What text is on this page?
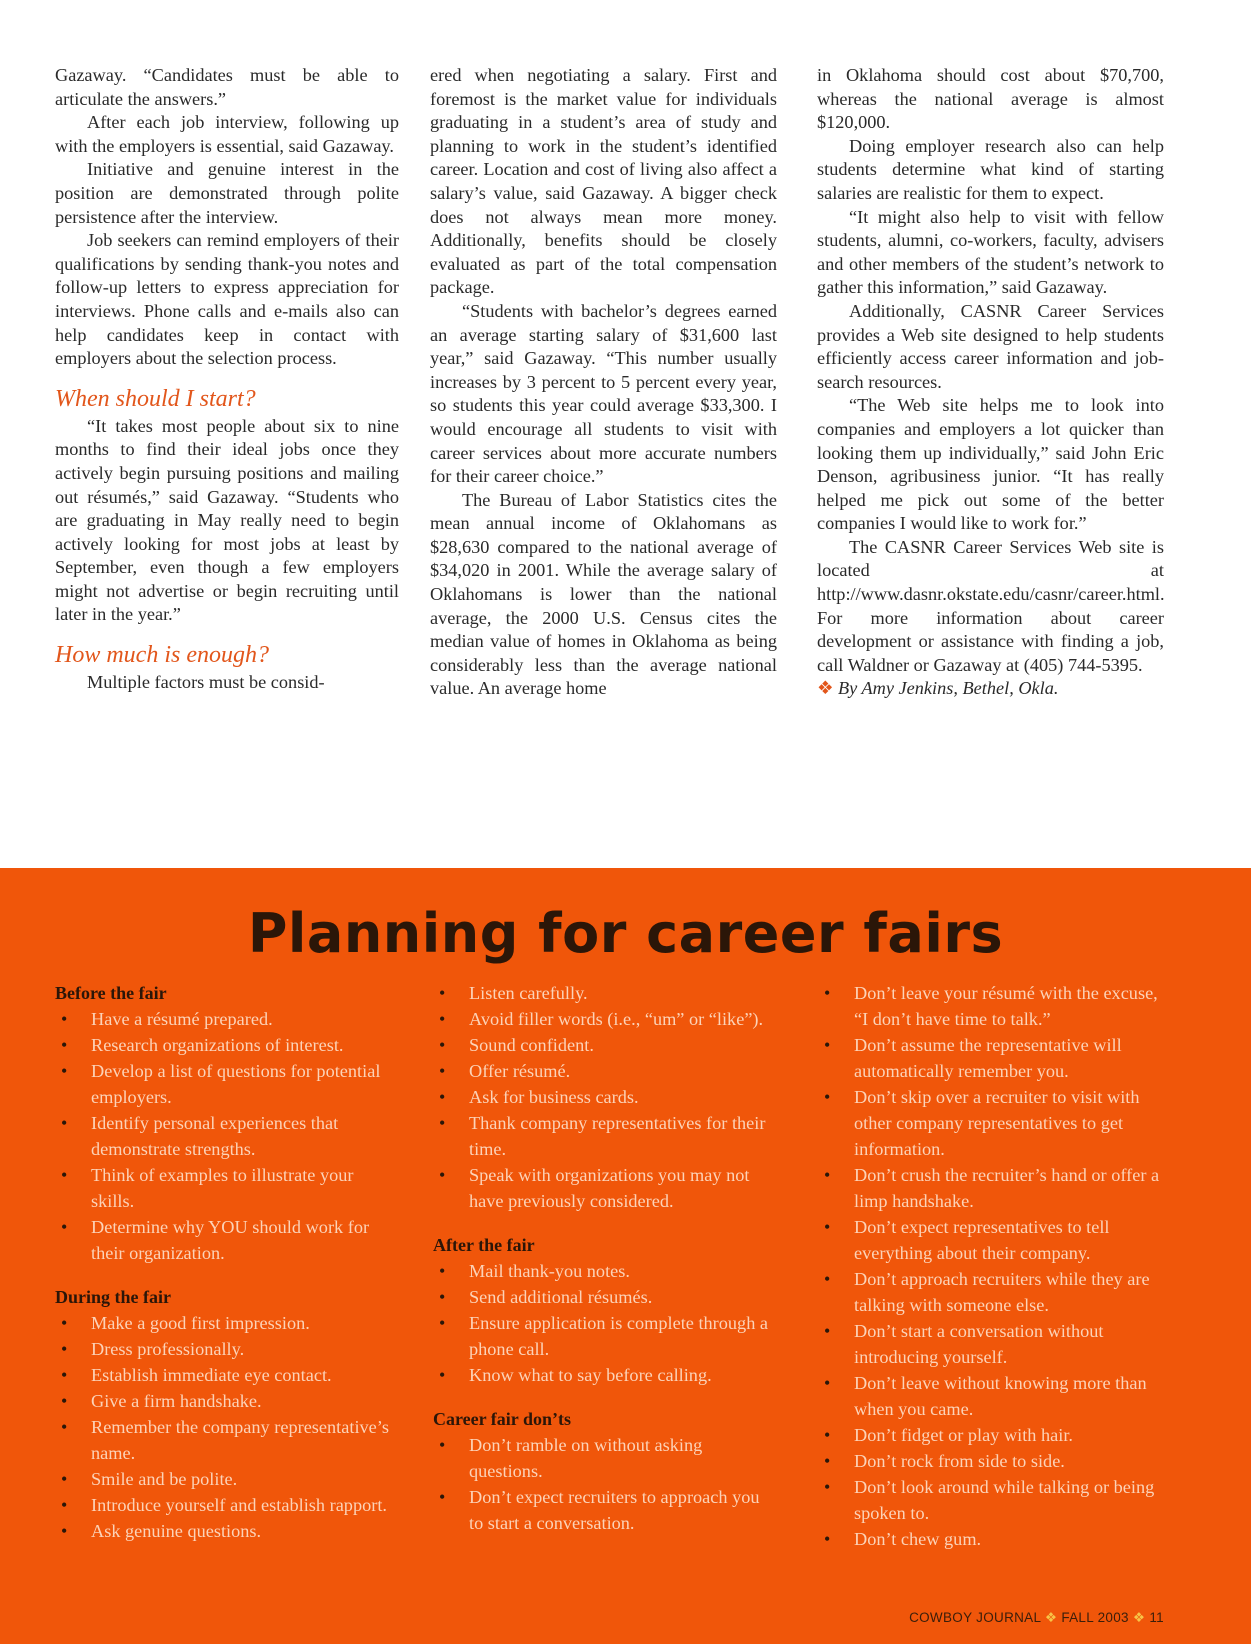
Gazaway. “Candidates must be able to articulate the answers.”

After each job interview, following up with the employers is essential, said Gazaway.

Initiative and genuine interest in the position are demonstrated through polite persistence after the interview.

Job seekers can remind employers of their qualifications by sending thank-you notes and follow-up letters to express appreciation for interviews. Phone calls and e-mails also can help candidates keep in contact with employers about the selection process.

When should I start?

“It takes most people about six to nine months to find their ideal jobs once they actively begin pursuing positions and mailing out résumés,” said Gazaway. “Students who are graduating in May really need to begin actively looking for most jobs at least by September, even though a few employers might not advertise or begin recruiting until later in the year.”

How much is enough?

Multiple factors must be consid-

ered when negotiating a salary. First and foremost is the market value for individuals graduating in a student’s area of study and planning to work in the student’s identified career. Location and cost of living also affect a salary’s value, said Gazaway. A bigger check does not always mean more money. Additionally, benefits should be closely evaluated as part of the total compensation package.

“Students with bachelor’s degrees earned an average starting salary of $31,600 last year,” said Gazaway. “This number usually increases by 3 percent to 5 percent every year, so students this year could average $33,300. I would encourage all students to visit with career services about more accurate numbers for their career choice.”

The Bureau of Labor Statistics cites the mean annual income of Oklahomans as $28,630 compared to the national average of $34,020 in 2001. While the average salary of Oklahomans is lower than the national average, the 2000 U.S. Census cites the median value of homes in Oklahoma as being considerably less than the average national value. An average home

in Oklahoma should cost about $70,700, whereas the national average is almost $120,000.

Doing employer research also can help students determine what kind of starting salaries are realistic for them to expect.

“It might also help to visit with fellow students, alumni, co-workers, faculty, advisers and other members of the student’s network to gather this information,” said Gazaway.

Additionally, CASNR Career Services provides a Web site designed to help students efficiently access career information and job-search resources.

“The Web site helps me to look into companies and employers a lot quicker than looking them up individually,” said John Eric Denson, agribusiness junior. “It has really helped me pick out some of the better companies I would like to work for.”

The CASNR Career Services Web site is located at http://www.dasnr.okstate.edu/casnr/career.html. For more information about career development or assistance with finding a job, call Waldner or Gazaway at (405) 744-5395.

❖ By Amy Jenkins, Bethel, Okla.

Planning for career fairs

Before the fair

• Have a résumé prepared.
• Research organizations of interest.
• Develop a list of questions for potential employers.
• Identify personal experiences that demonstrate strengths.
• Think of examples to illustrate your skills.
• Determine why YOU should work for their organization.

During the fair

• Make a good first impression.
• Dress professionally.
• Establish immediate eye contact.
• Give a firm handshake.
• Remember the company representative’s name.
• Smile and be polite.
• Introduce yourself and establish rapport.
• Ask genuine questions.
• Listen carefully.
• Avoid filler words (i.e., “um” or “like”).
• Sound confident.
• Offer résumé.
• Ask for business cards.
• Thank company representatives for their time.
• Speak with organizations you may not have previously considered.

After the fair

• Mail thank-you notes.
• Send additional résumés.
• Ensure application is complete through a phone call.
• Know what to say before calling.

Career fair don’ts

• Don’t ramble on without asking questions.
• Don’t expect recruiters to approach you to start a conversation.
• Don’t leave your résumé with the excuse, “I don’t have time to talk.”
• Don’t assume the representative will automatically remember you.
• Don’t skip over a recruiter to visit with other company representatives to get information.
• Don’t crush the recruiter’s hand or offer a limp handshake.
• Don’t expect representatives to tell everything about their company.
• Don’t approach recruiters while they are talking with someone else.
• Don’t start a conversation without introducing yourself.
• Don’t leave without knowing more than when you came.
• Don’t fidget or play with hair.
• Don’t rock from side to side.
• Don’t look around while talking or being spoken to.
• Don’t chew gum.
COWBOY JOURNAL ❖ FALL 2003 ❖ 11
